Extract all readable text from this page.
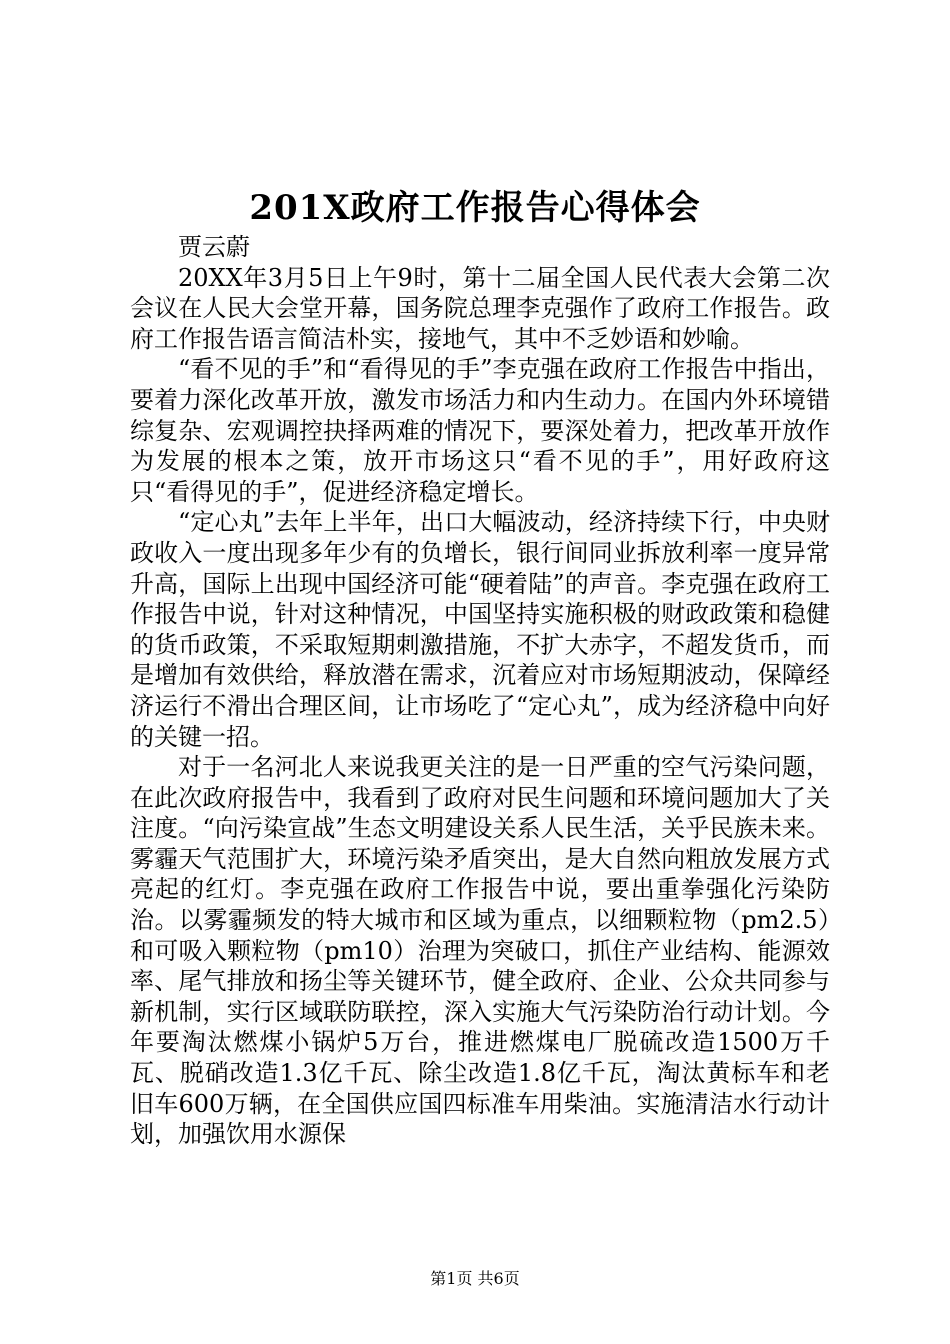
201X政府工作报告心得体会

贾云蔚

20XX年3月5日上午9时，第十二届全国人民代表大会第二次会议在人民大会堂开幕，国务院总理李克强作了政府工作报告。政府工作报告语言简洁朴实，接地气，其中不乏妙语和妙喻。

“看不见的手”和“看得见的手”李克强在政府工作报告中指出，要着力深化改革开放，激发市场活力和内生动力。在国内外环境错综复杂、宏观调控抉择两难的情况下，要深处着力，把改革开放作为发展的根本之策，放开市场这只“看不见的手”，用好政府这只“看得见的手”，促进经济稳定增长。

“定心丸”去年上半年，出口大幅波动，经济持续下行，中央财政收入一度出现多年少有的负增长，银行间同业拆放利率一度异常升高，国际上出现中国经济可能“硬着陆”的声音。李克强在政府工作报告中说，针对这种情况，中国坚持实施积极的财政政策和稳健的货币政策，不采取短期刺激措施，不扩大赤字，不超发货币，而是增加有效供给，释放潜在需求，沉着应对市场短期波动，保障经济运行不滑出合理区间，让市场吃了“定心丸”，成为经济稳中向好的关键一招。

对于一名河北人来说我更关注的是一日严重的空气污染问题，在此次政府报告中，我看到了政府对民生问题和环境问题加大了关注度。“向污染宣战”生态文明建设关系人民生活，关乎民族未来。雾霾天气范围扩大，环境污染矛盾突出，是大自然向粗放发展方式亮起的红灯。李克强在政府工作报告中说，要出重拳强化污染防治。以雾霾频发的特大城市和区域为重点，以细颗粒物（pm2.5）和可吸入颗粒物（pm10）治理为突破口，抓住产业结构、能源效率、尾气排放和扬尘等关键环节，健全政府、企业、公众共同参与新机制，实行区域联防联控，深入实施大气污染防治行动计划。今年要淘汰燃煤小锅炉5万台，推进燃煤电厂脱硫改造1500万千瓦、脱硝改造1.3亿千瓦、除尘改造1.8亿千瓦，淘汰黄标车和老旧车600万辆，在全国供应国四标准车用柴油。实施清洁水行动计划，加强饮用水源保

第1页 共6页
